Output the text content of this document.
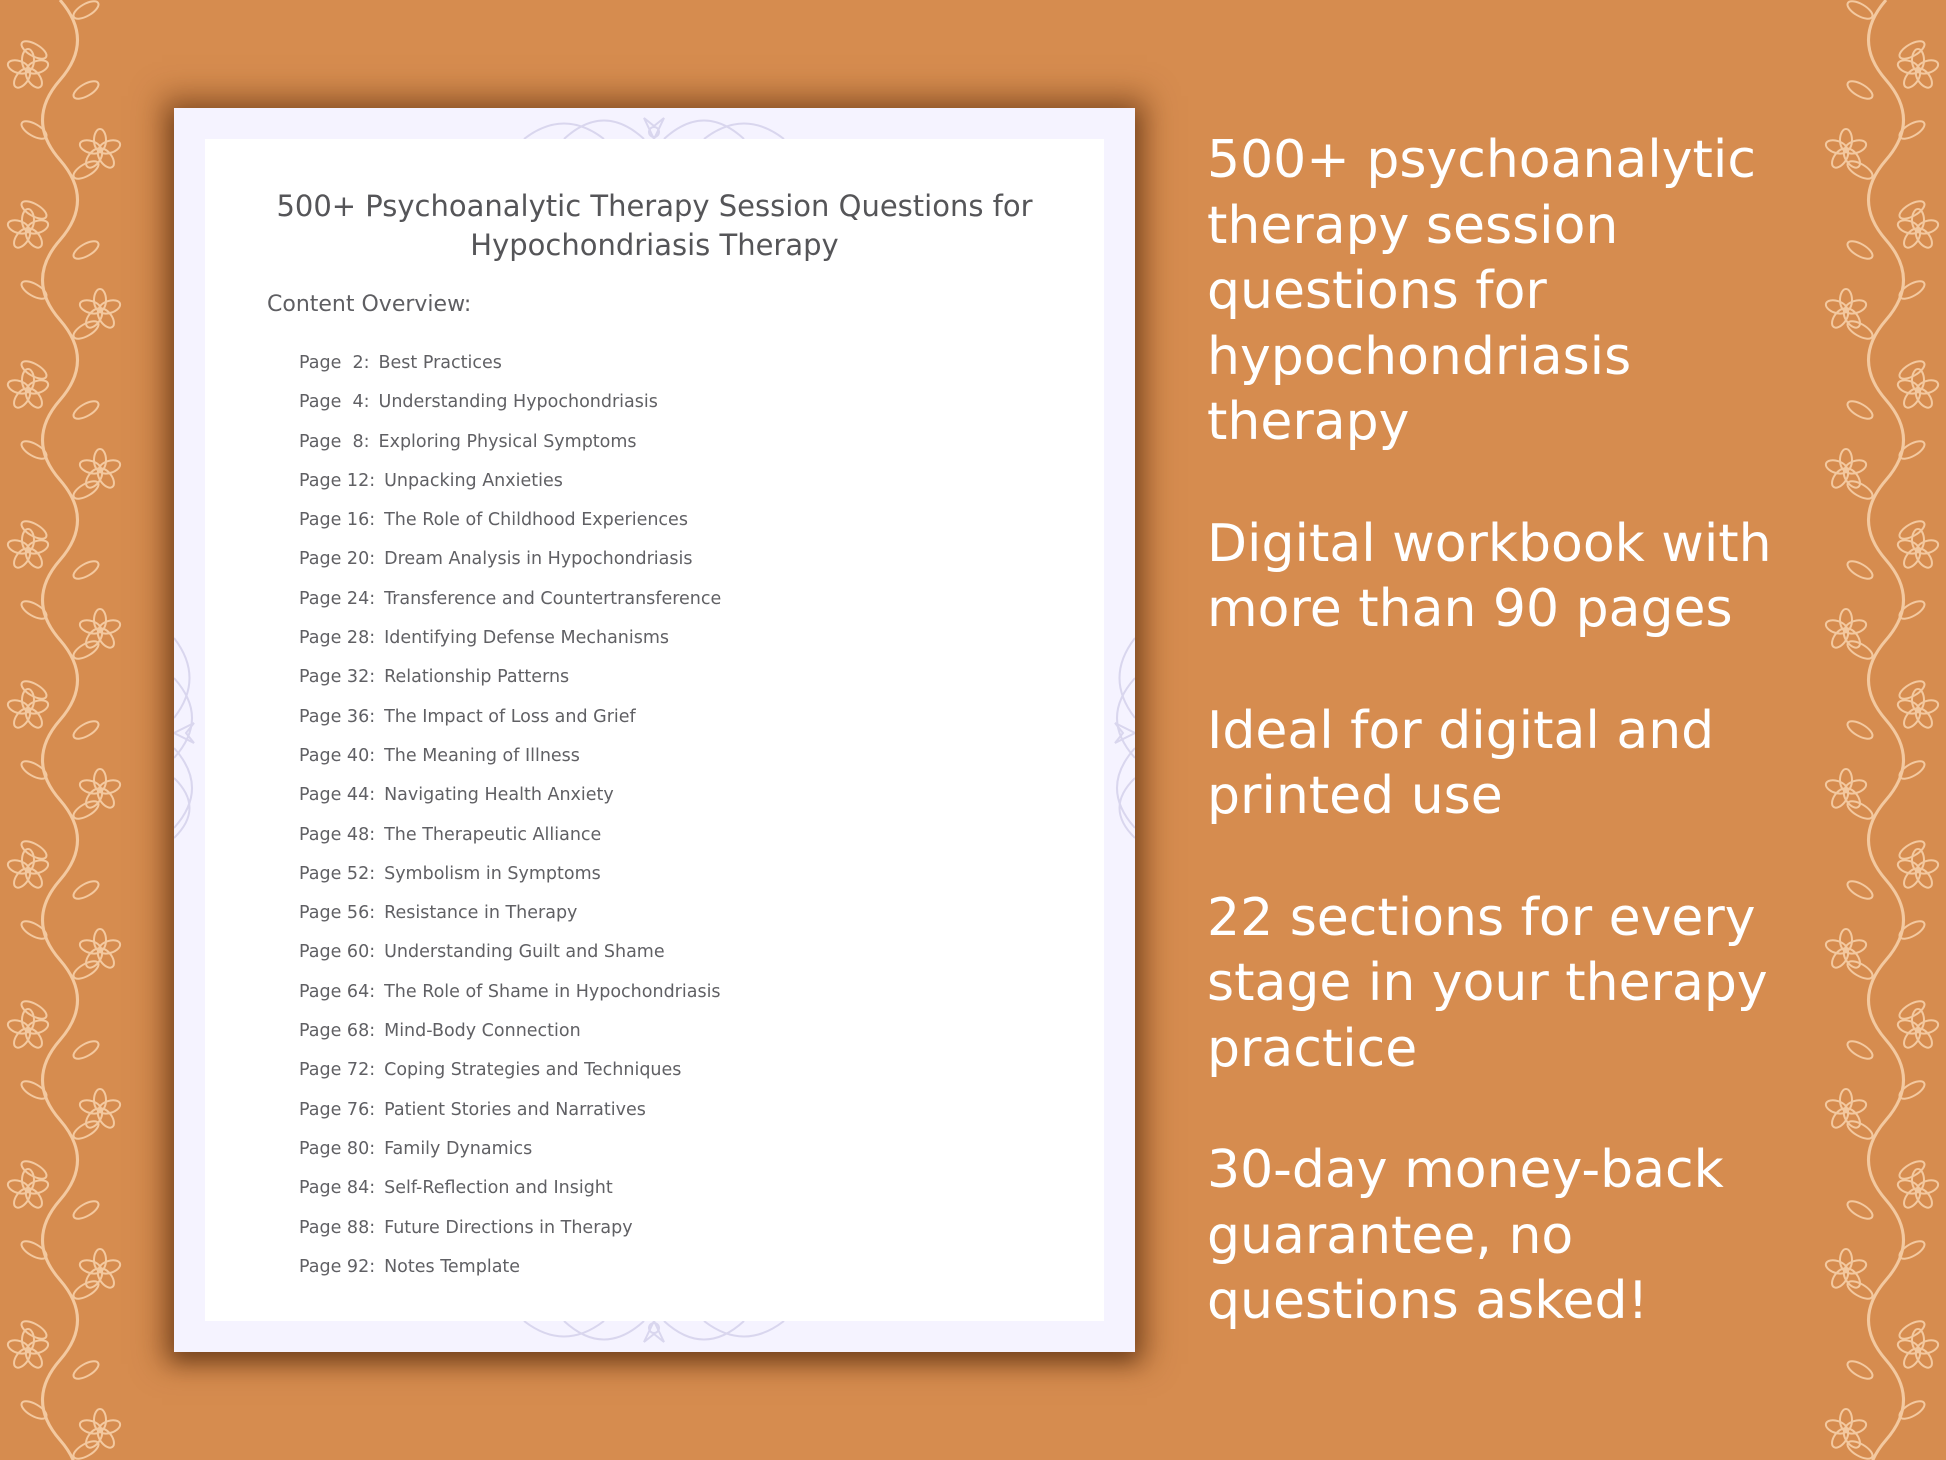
500+ Psychoanalytic Therapy Session Questions for
Hypochondriasis Therapy
Content Overview:
Page  2: Best Practices
Page  4: Understanding Hypochondriasis
Page  8: Exploring Physical Symptoms
Page 12: Unpacking Anxieties
Page 16: The Role of Childhood Experiences
Page 20: Dream Analysis in Hypochondriasis
Page 24: Transference and Countertransference
Page 28: Identifying Defense Mechanisms
Page 32: Relationship Patterns
Page 36: The Impact of Loss and Grief
Page 40: The Meaning of Illness
Page 44: Navigating Health Anxiety
Page 48: The Therapeutic Alliance
Page 52: Symbolism in Symptoms
Page 56: Resistance in Therapy
Page 60: Understanding Guilt and Shame
Page 64: The Role of Shame in Hypochondriasis
Page 68: Mind-Body Connection
Page 72: Coping Strategies and Techniques
Page 76: Patient Stories and Narratives
Page 80: Family Dynamics
Page 84: Self-Reflection and Insight
Page 88: Future Directions in Therapy
Page 92: Notes Template
500+ psychoanalytic
therapy session
questions for
hypochondriasis
therapy
Digital workbook with
more than 90 pages
Ideal for digital and
printed use
22 sections for every
stage in your therapy
practice
30-day money-back
guarantee, no
questions asked!
